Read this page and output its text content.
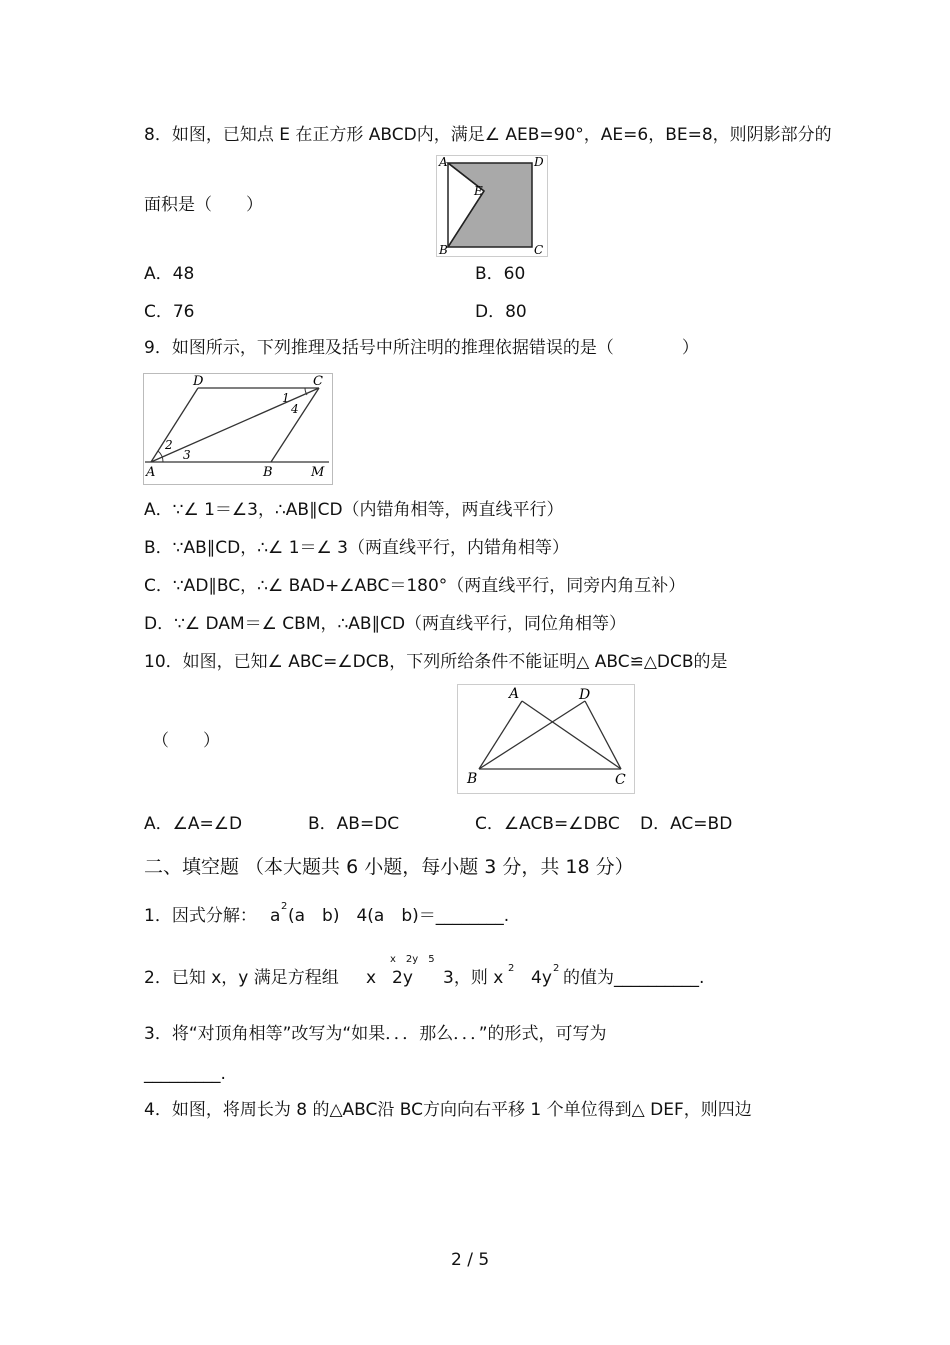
8．如图，已知点 E 在正方形 ABCD内，满足∠ AEB=90°，AE=6，BE=8，则阴影部分的
面积是（　　）
A	D
E
B	C
A．48	B．60
C．76	D．80
9．如图所示，下列推理及括号中所注明的推理依据错误的是（　　　　）
D	C
A	B	M
1
2
3
4
A．∵∠ 1＝∠3，∴AB∥CD（内错角相等，两直线平行）
B．∵AB∥CD，∴∠ 1＝∠ 3（两直线平行，内错角相等）
C．∵AD∥BC，∴∠ BAD+∠ABC＝180°（两直线平行，同旁内角互补）
D．∵∠ DAM＝∠ CBM，∴AB∥CD（两直线平行，同位角相等）
10．如图，已知∠ ABC=∠DCB，下列所给条件不能证明△ ABC≌△DCB的是
（　　）
A	D
B	C
A．∠A=∠D	B．AB=DC	C．∠ACB=∠DBC D．AC=BD
二、填空题 （本大题共 6 小题，每小题 3 分，共 18 分）
1．因式分解： a 2 (a　b)　4(a　b)＝________.
2．已知 x，y 满足方程组 x
x　2y　5
2y 3，则 x 2 4y 2 的值为__________.
3．将“对顶角相等”改写为“如果．．．那么．．．”的形式，可写为
_________.
4．如图，将周长为 8 的△ABC沿 BC方向向右平移 1 个单位得到△ DEF，则四边
2 / 5
